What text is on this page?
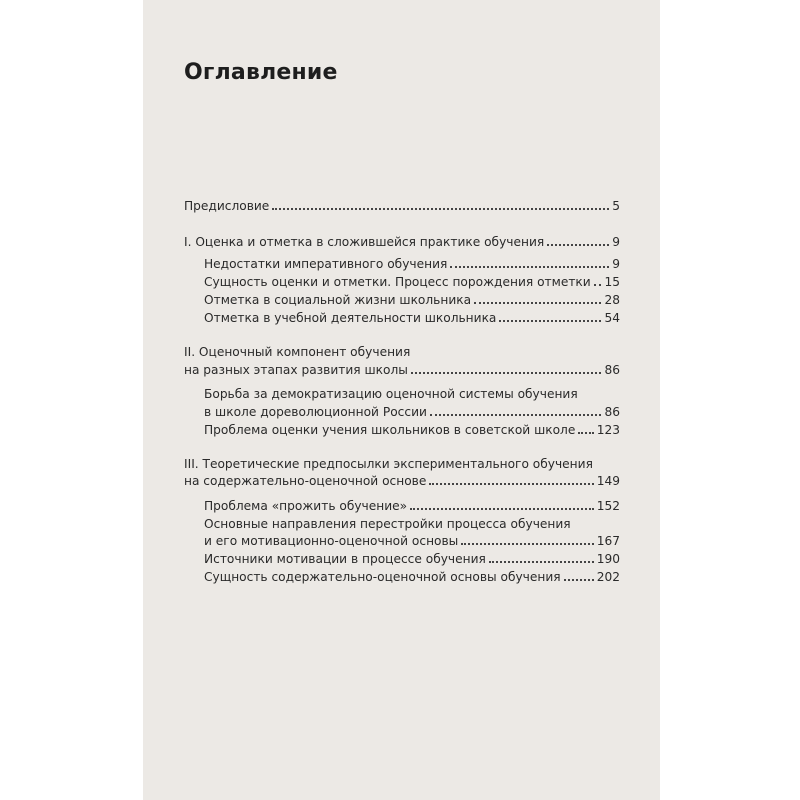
Оглавление
Предисловие	5
I. Оценка и отметка в сложившейся практике обучения	9
Недостатки императивного обучения	9
Сущность оценки и отметки. Процесс порождения отметки 15
Отметка в социальной жизни школьника	28
Отметка в учебной деятельности школьника	54
II. Оценочный компонент обучения
на разных этапах развития школы	86
Борьба за демократизацию оценочной системы обучения
в школе дореволюционной России	86
Проблема оценки учения школьников в советской школе 123
III. Теоретические предпосылки экспериментального обучения
на содержательно-оценочной основе	149
Проблема «прожить обучение»	152
Основные направления перестройки процесса обучения
и его мотивационно-оценочной основы	167
Источники мотивации в процессе обучения	190
Сущность содержательно-оценочной основы обучения	202
